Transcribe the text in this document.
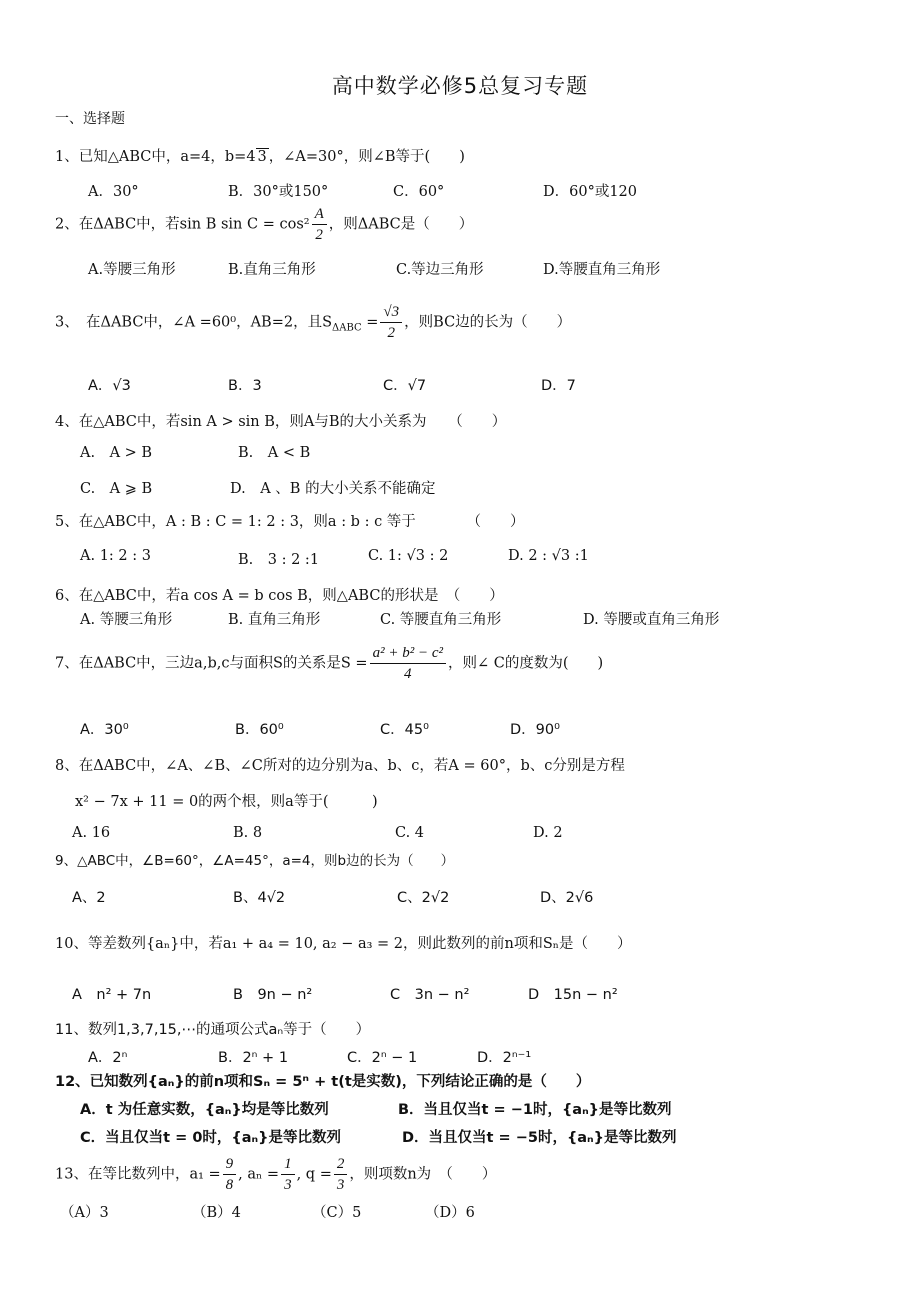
高中数学必修5总复习专题
一、选择题
1、已知△ABC中，a=4，b=4 3 ，∠A=30°，则∠B等于(　　)
A．30°	B．30°或150°	C．60°	D．60°或120
2、在ΔABC中，若sin B $\sin C = \cos^2 \frac{A}{2}$ ，则ΔABC是（　　）
A.等腰三角形	B.直角三角形	C.等边三角形	D.等腰直角三角形
3、　在ΔABC中，∠A =60⁰，AB=2，且$S_{\Delta ABC} = \frac{√3}{2}$ ，则BC边的长为（　　）
A．√3	B．3	C．√7	D．7
4、在△ABC中，若sin A > sin B，则A与B的大小关系为　　（　　）
A.　A > B	B.　A < B
C.　A ⩾ B	D.　A 、B 的大小关系不能确定
5、在△ABC中，A : B : C = 1: 2 : 3，则a : b : c 等于　　　　（　　）
A. 1: 2 : 3	B.　3 : 2 :1	C. 1: √3 : 2	D. 2 : √3 :1
6、在△ABC中，若a cos A = b cos B，则△ABC的形状是　（　　）
A. 等腰三角形	B. 直角三角形	C. 等腰直角三角形	D. 等腰或直角三角形
7、在ΔABC中，三边a,b,c与面积S的关系是$S = \frac{\text{a² + b² − c²}}{4}$ ，则∠ C的度数为(　　)
A．30⁰	B．60⁰	C．45⁰	D．90⁰
8、在ΔABC中，∠A、∠B、∠C所对的边分别为a、b、c，若A = 60°，b、c分别是方程
x² − 7x + 11 = 0的两个根，则a等于(　　　)
A. 16	B. 8	C. 4	D. 2
9、△ABC中，∠B=60°，∠A=45°，a=4，则b边的长为（　　）
A、2	B、4√2	C、2√2	D、2√6
10、等差数列{aₙ}中，若a₁ + a₄ = 10, a₂ − a₃ = 2，则此数列的前n项和Sₙ是（　　）
A　n² + 7n	B　9n − n²	C　3n − n²	D　15n − n²
11、数列1,3,7,15,⋯的通项公式aₙ等于（　　）
A．2ⁿ	B．2ⁿ + 1	C．2ⁿ − 1	D．2ⁿ⁻¹
12、已知数列{aₙ}的前n项和Sₙ = 5ⁿ + t(t是实数)，下列结论正确的是（　　）
A．t 为任意实数，{aₙ}均是等比数列	B．当且仅当t = −1时，{aₙ}是等比数列
C．当且仅当t = 0时，{aₙ}是等比数列	D．当且仅当t = −5时，{aₙ}是等比数列
13、在等比数列中，$a_1 = \frac{9}{8}$ , $a_n = \frac{1}{3}$ , $q = \frac{2}{3}$ ，则项数n为　（　　）
（A）3	（B）4	（C）5	（D）6
